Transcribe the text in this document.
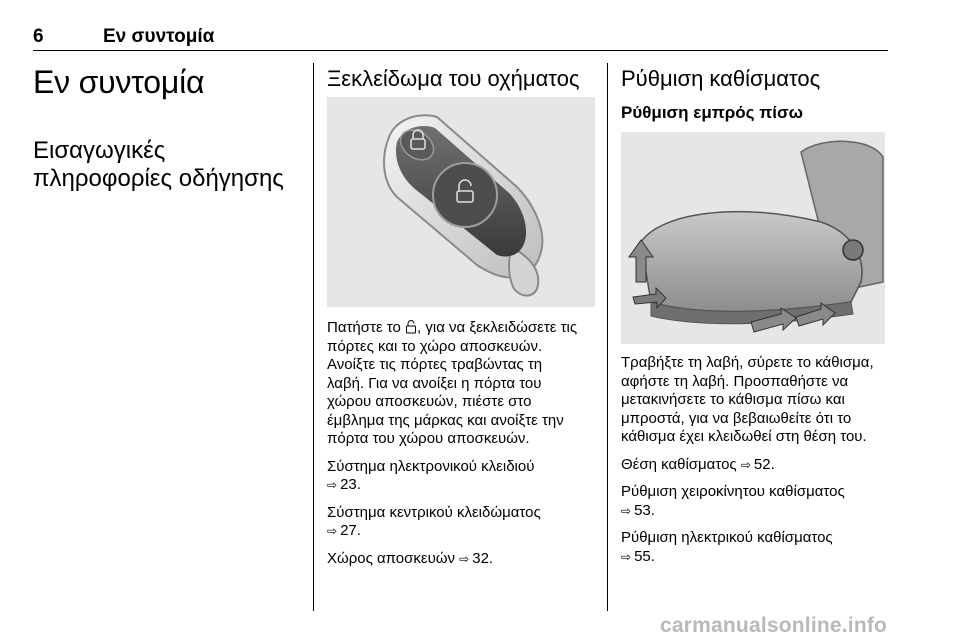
6	Εν συντομία
Εν συντομία
Εισαγωγικές
πληροφορίες οδήγησης
Ξεκλείδωμα του οχήματος

Πατήστε το , για να ξεκλειδώσετε τις
πόρτες και το χώρο αποσκευών.
Ανοίξτε τις πόρτες τραβώντας τη
λαβή. Για να ανοίξει η πόρτα του
χώρου αποσκευών, πιέστε στο
έμβλημα της μάρκας και ανοίξτε την
πόρτα του χώρου αποσκευών.

Σύστημα ηλεκτρονικού κλειδιού
⇨ 23.

Σύστημα κεντρικού κλειδώματος
⇨ 27.

Χώρος αποσκευών ⇨ 32.

Ρύθμιση καθίσματος
Ρύθμιση εμπρός πίσω

Τραβήξτε τη λαβή, σύρετε το κάθισμα,
αφήστε τη λαβή. Προσπαθήστε να
μετακινήσετε το κάθισμα πίσω και
μπροστά, για να βεβαιωθείτε ότι το
κάθισμα έχει κλειδωθεί στη θέση του.

Θέση καθίσματος ⇨ 52.

Ρύθμιση χειροκίνητου καθίσματος
⇨ 53.

Ρύθμιση ηλεκτρικού καθίσματος
⇨ 55.

carmanualsonline.info
